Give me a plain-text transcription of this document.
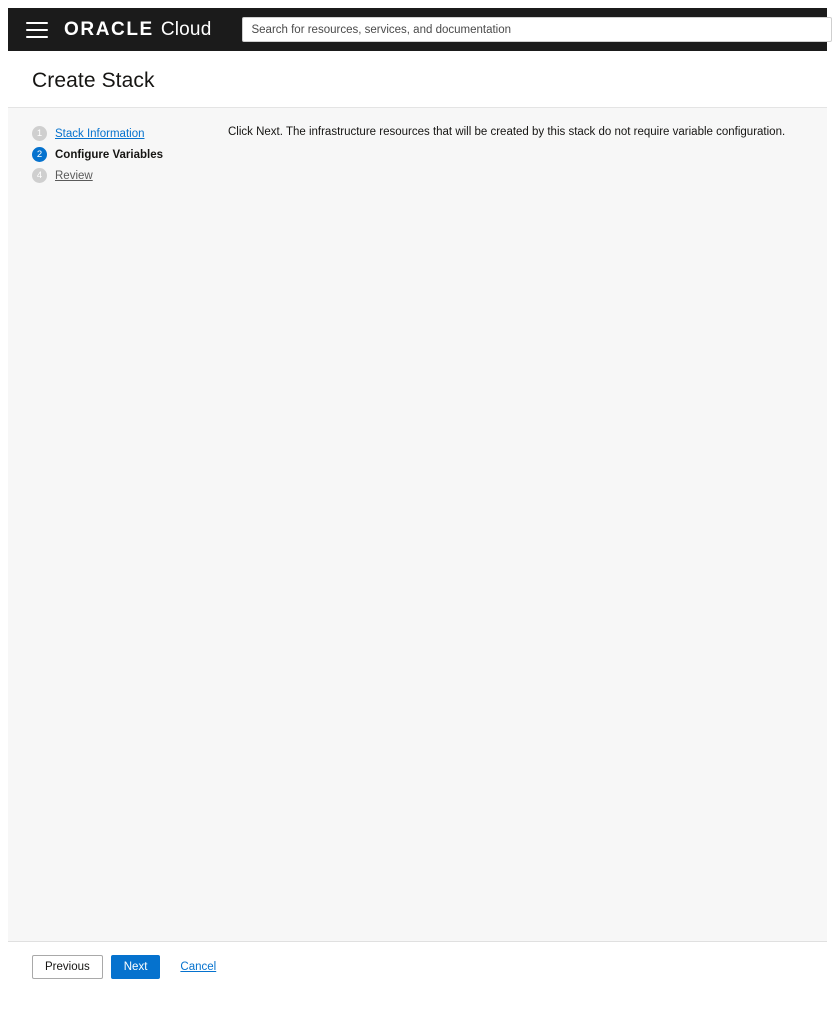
ORACLE Cloud
Search for resources, services, and documentation
Create Stack
1	Stack Information
2	Configure Variables
4	Review
Click Next. The infrastructure resources that will be created by this stack do not require variable configuration.
Previous	Next	Cancel
